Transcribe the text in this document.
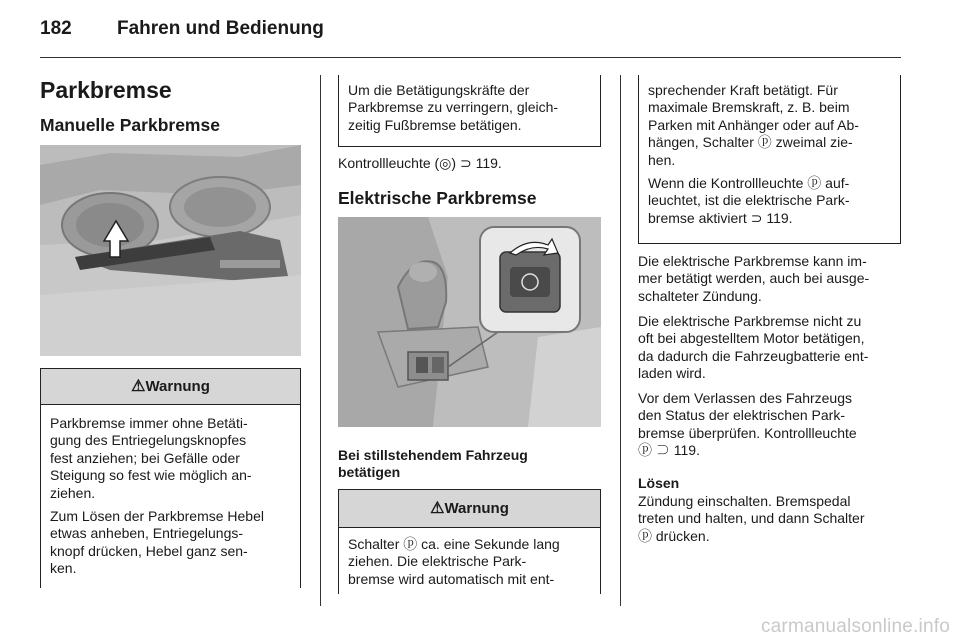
182 Fahren und Bedienung
Parkbremse
Manuelle Parkbremse
⚠Warnung
Parkbremse immer ohne Betäti-
gung des Entriegelungsknopfes
fest anziehen; bei Gefälle oder
Steigung so fest wie möglich an-
ziehen.
Zum Lösen der Parkbremse Hebel
etwas anheben, Entriegelungs-
knopf drücken, Hebel ganz sen-
ken.
Um die Betätigungskräfte der
Parkbremse zu verringern, gleich-
zeitig Fußbremse betätigen.
Kontrollleuchte (◎) ⊃ 119.
Elektrische Parkbremse
Bei stillstehendem Fahrzeug
betätigen
⚠Warnung
Schalter ⓟ ca. eine Sekunde lang
ziehen. Die elektrische Park-
bremse wird automatisch mit ent-
sprechender Kraft betätigt. Für
maximale Bremskraft, z. B. beim
Parken mit Anhänger oder auf Ab-
hängen, Schalter ⓟ zweimal zie-
hen.
Wenn die Kontrollleuchte ⓟ auf-
leuchtet, ist die elektrische Park-
bremse aktiviert ⊃ 119.
Die elektrische Parkbremse kann im-
mer betätigt werden, auch bei ausge-
schalteter Zündung.
Die elektrische Parkbremse nicht zu
oft bei abgestelltem Motor betätigen,
da dadurch die Fahrzeugbatterie ent-
laden wird.
Vor dem Verlassen des Fahrzeugs
den Status der elektrischen Park-
bremse überprüfen. Kontrollleuchte
ⓟ ⊃ 119.
Lösen
Zündung einschalten. Bremspedal
treten und halten, und dann Schalter
ⓟ drücken.
carmanualsonline.info
